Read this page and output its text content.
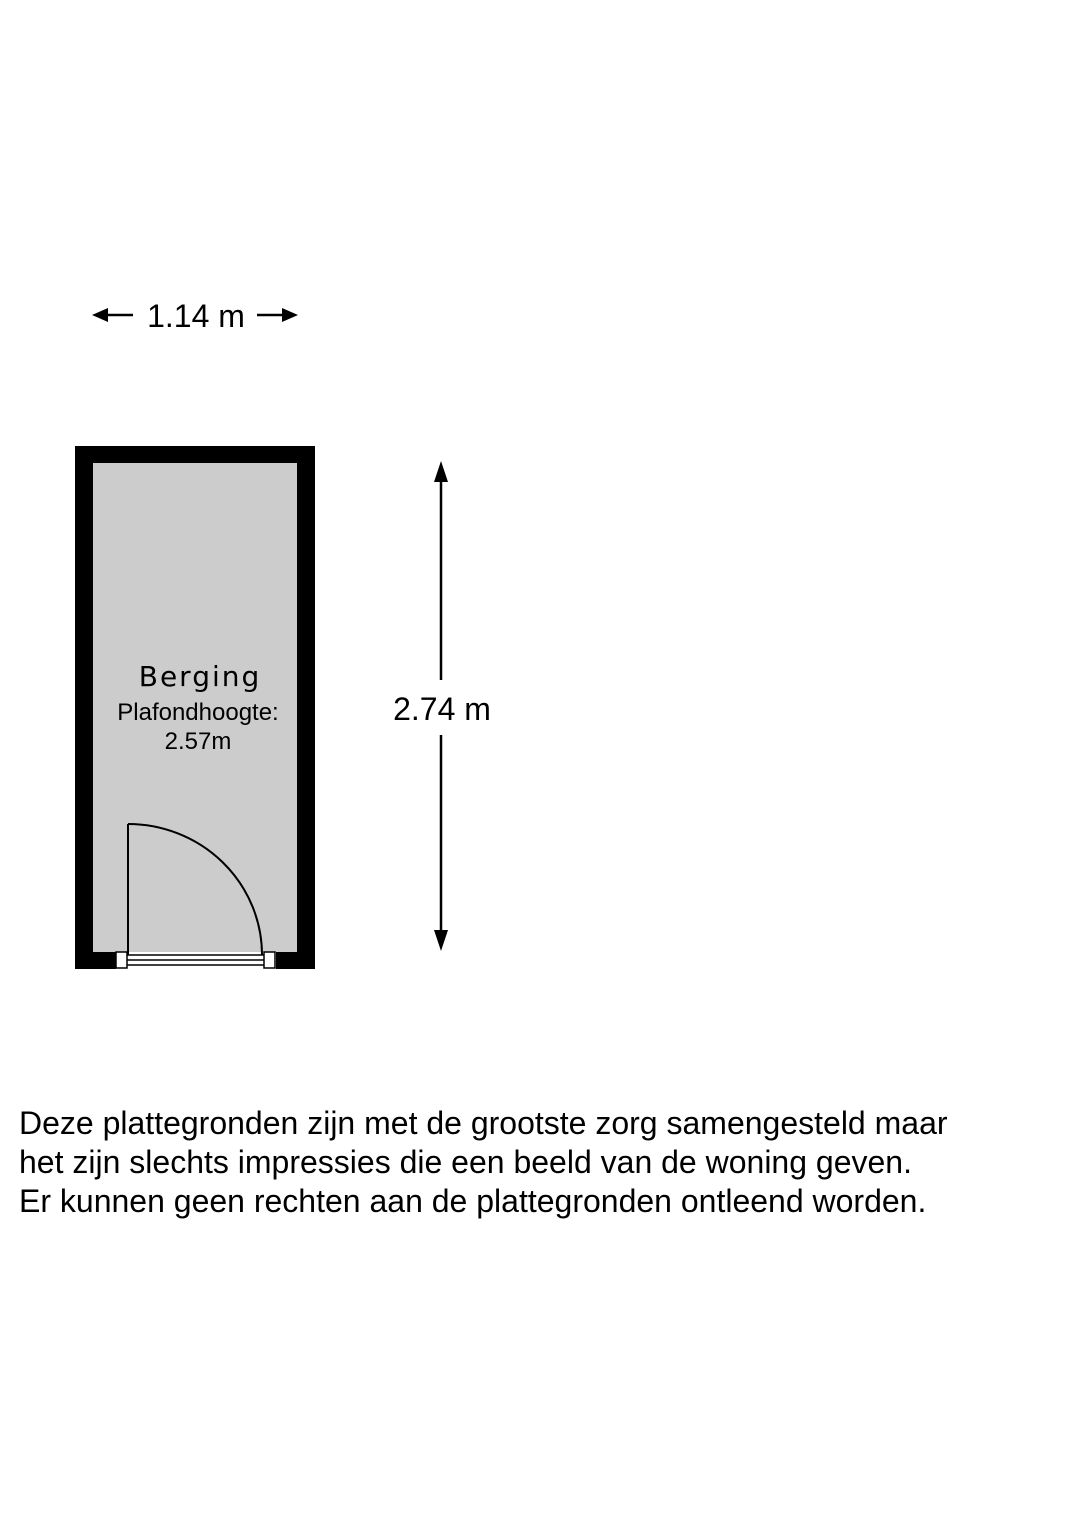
1.14 m
Berging
Plafondhoogte:
2.57m
2.74 m

Deze plattegronden zijn met de grootste zorg samengesteld maar
het zijn slechts impressies die een beeld van de woning geven.
Er kunnen geen rechten aan de plattegronden ontleend worden.
